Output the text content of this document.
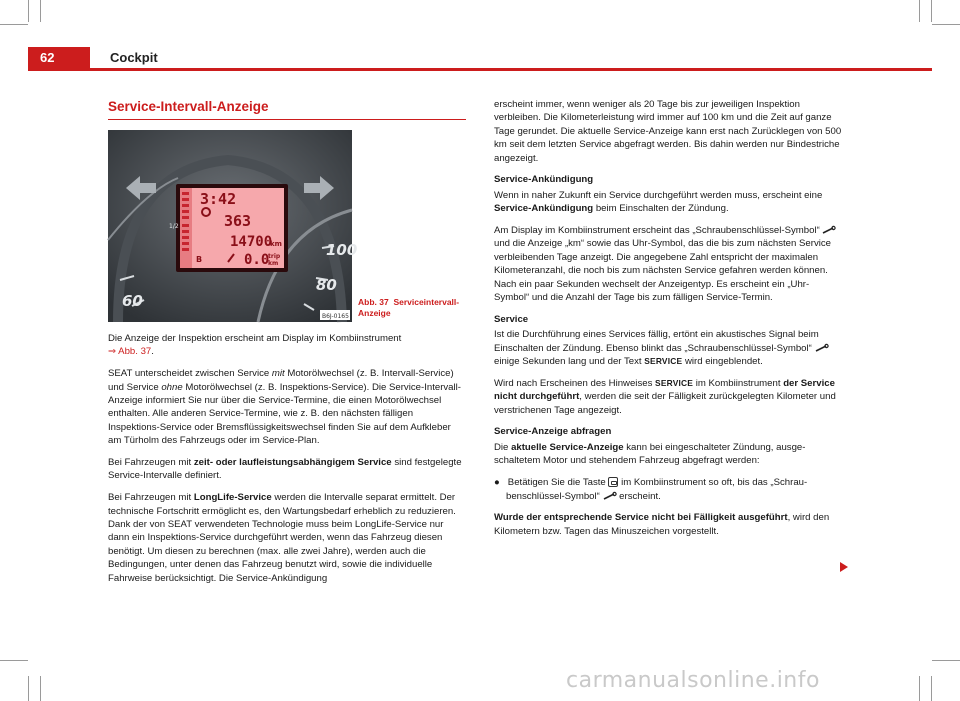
62	Cockpit
Service-Intervall-Anzeige
100
80
60
3:42
363
1/2
14700
km
B	0.0
trip
km
B6J-0165
Abb. 37 Serviceintervall-Anzeige

Die Anzeige der Inspektion erscheint am Display im Kombiinstrument
⇒ Abb. 37.

SEAT unterscheidet zwischen Service mit Motorölwechsel (z. B. Intervall-Service) und Service ohne Motorölwechsel (z. B. Inspektions-Service). Die Service-Intervall-Anzeige informiert Sie nur über die Service-Termine, die einen Motorölwechsel enthalten. Alle anderen Service-Termine, wie z. B. den nächsten fälligen Inspektions-Service oder Bremsflüssigkeitswechsel finden Sie auf dem Aufkleber am Türholm des Fahrzeugs oder im Service-Plan.

Bei Fahrzeugen mit zeit- oder laufleistungsabhängigem Service sind festgelegte Service-Intervalle definiert.

Bei Fahrzeugen mit LongLife-Service werden die Intervalle separat ermittelt. Der technische Fortschritt ermöglicht es, den Wartungsbedarf erheblich zu reduzieren. Dank der von SEAT verwendeten Technologie muss beim LongLife-Service nur dann ein Inspektions-Service durchgeführt werden, wenn das Fahrzeug diesen benötigt. Um diesen zu berechnen (max. alle zwei Jahre), werden auch die Bedingungen, unter denen das Fahrzeug benutzt wird, sowie die individuelle Fahrweise berücksichtigt. Die Service-Ankündigung

erscheint immer, wenn weniger als 20 Tage bis zur jeweiligen Inspektion verbleiben. Die Kilometerleistung wird immer auf 100 km und die Zeit auf ganze Tage gerundet. Die aktuelle Service-Anzeige kann erst nach Zurücklegen von 500 km seit dem letzten Service abgefragt werden. Bis dahin werden nur Bindestriche angezeigt.

Service-Ankündigung

Wenn in naher Zukunft ein Service durchgeführt werden muss, erscheint eine Service-Ankündigung beim Einschalten der Zündung.

Am Display im Kombiinstrument erscheint das „Schraubenschlüssel-Symbol“  und die Anzeige „km“ sowie das Uhr-Symbol, das die bis zum nächsten Service verbleibenden Tage anzeigt. Die angegebene Zahl entspricht der maximalen Kilometeranzahl, die noch bis zum nächsten Service gefahren werden können. Nach ein paar Sekunden wechselt der Anzeigentyp. Es erscheint ein „Uhr-Symbol“ und die Anzahl der Tage bis zum fälligen Service-Termin.

Service

Ist die Durchführung eines Services fällig, ertönt ein akustisches Signal beim Einschalten der Zündung. Ebenso blinkt das „Schraubenschlüssel-Symbol“  einige Sekunden lang und der Text SERVICE wird eingeblendet.

Wird nach Erscheinen des Hinweises SERVICE im Kombiinstrument der Service nicht durchgeführt, werden die seit der Fälligkeit zurückgelegten Kilometer und verstrichenen Tage angezeigt.

Service-Anzeige abfragen

Die aktuelle Service-Anzeige kann bei eingeschalteter Zündung, ausgeschaltetem Motor und stehendem Fahrzeug abgefragt werden:

● Betätigen Sie die Taste  im Kombiinstrument so oft, bis das „Schraubenschlüssel-Symbol“  erscheint.

Wurde der entsprechende Service nicht bei Fälligkeit ausgeführt, wird den Kilometern bzw. Tagen das Minuszeichen vorgestellt.

carmanualsonline.info
